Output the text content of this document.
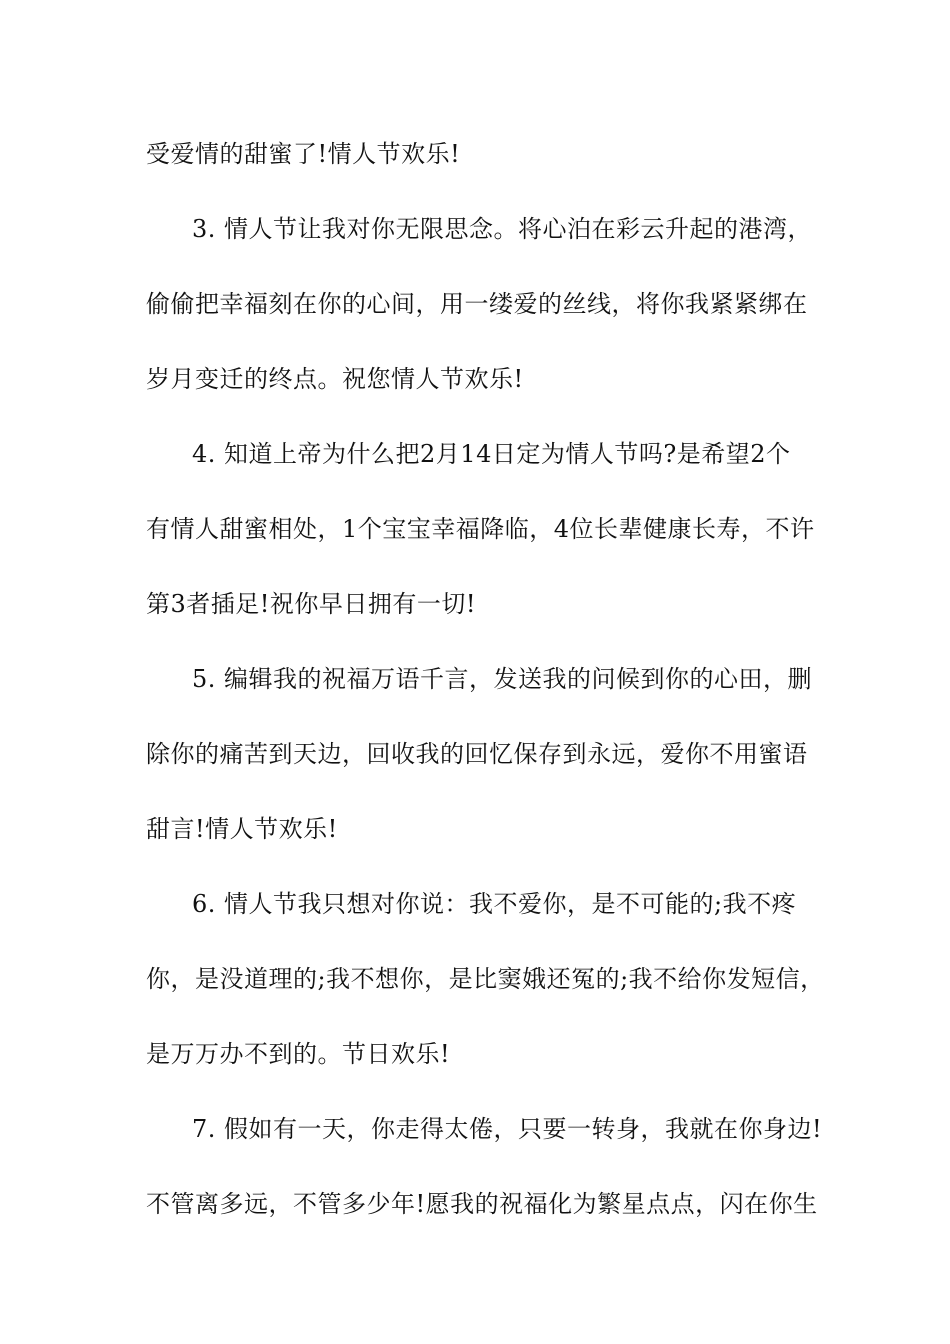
受爱情的甜蜜了!情人节欢乐!
3. 情人节让我对你无限思念。将心泊在彩云升起的港湾，
偷偷把幸福刻在你的心间，用一缕爱的丝线，将你我紧紧绑在
岁月变迁的终点。祝您情人节欢乐!
4. 知道上帝为什么把2月14日定为情人节吗?是希望2个
有情人甜蜜相处，1个宝宝幸福降临，4位长辈健康长寿，不许
第3者插足!祝你早日拥有一切!
5. 编辑我的祝福万语千言，发送我的问候到你的心田，删
除你的痛苦到天边，回收我的回忆保存到永远，爱你不用蜜语
甜言!情人节欢乐!
6. 情人节我只想对你说：我不爱你，是不可能的;我不疼
你，是没道理的;我不想你，是比窦娥还冤的;我不给你发短信，
是万万办不到的。节日欢乐!
7. 假如有一天，你走得太倦，只要一转身，我就在你身边!
不管离多远，不管多少年!愿我的祝福化为繁星点点，闪在你生
